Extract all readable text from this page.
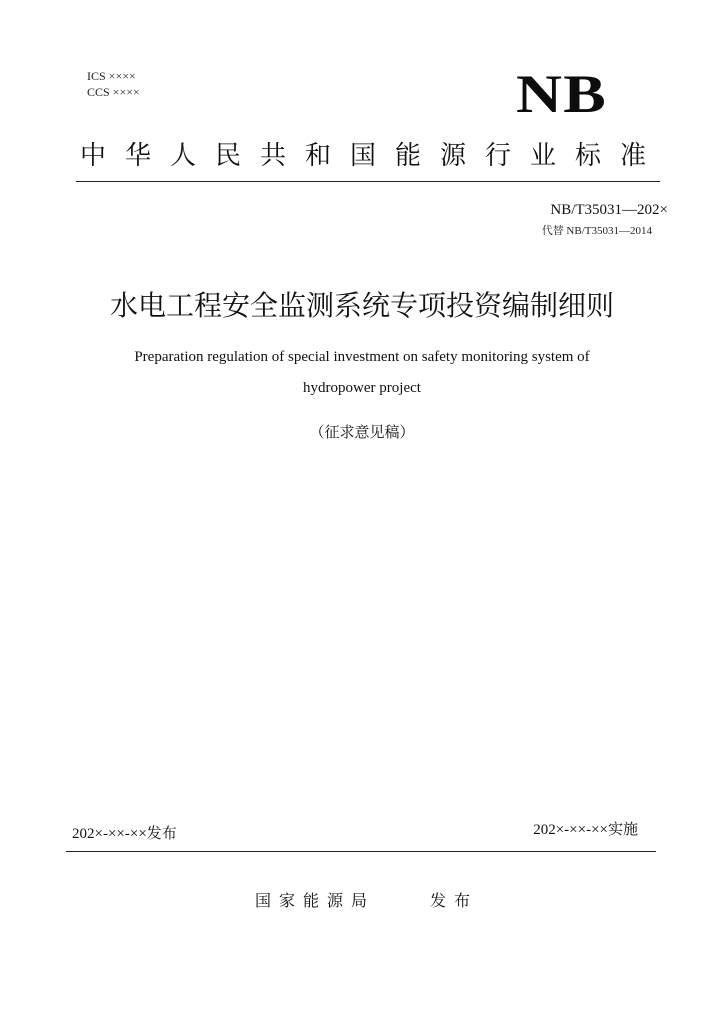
ICS ××××
CCS ××××	NB
中华人民共和国能源行业标准
NB/T35031—202×
代替 NB/T35031—2014
水电工程安全监测系统专项投资编制细则
Preparation regulation of special investment on safety monitoring system of
hydropower project
（征求意见稿）
202×-××-××发布	202×-××-××实施
国家能源局	发布
